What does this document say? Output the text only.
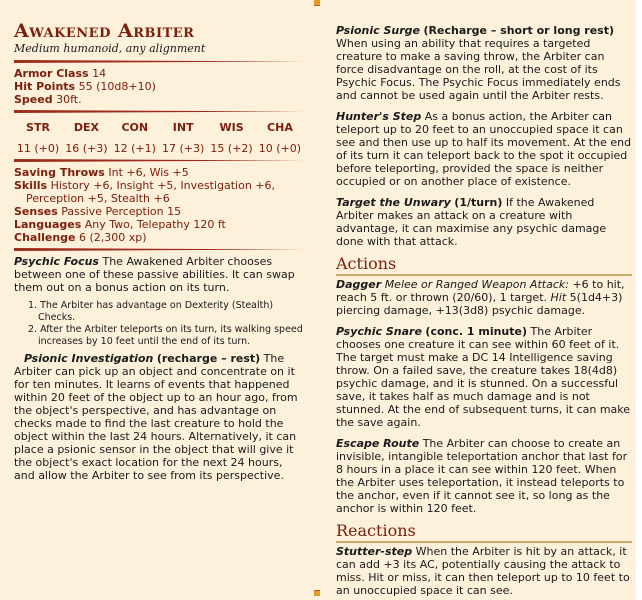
Awakened Arbiter
Medium humanoid, any alignment
Armor Class 14
Hit Points 55 (10d8+10)
Speed 30ft.
STR
11 (+0)
DEX
16 (+3)
CON
12 (+1)
INT
17 (+3)
WIS
15 (+2)
CHA
10 (+0)
Saving Throws Int +6, Wis +5
Skills History +6, Insight +5, Investigation +6,
Perception +5, Stealth +6
Senses Passive Perception 15
Languages Any Two, Telepathy 120 ft
Challenge 6 (2,300 xp)

Psychic Focus The Awakened Arbiter chooses between one of these passive abilities. It can swap them out on a bonus action on its turn.

1. The Arbiter has advantage on Dexterity (Stealth) Checks.
2. After the Arbiter teleports on its turn, its walking speed increases by 10 feet until the end of its turn.

Psionic Investigation (recharge – rest) The Arbiter can pick up an object and concentrate on it for ten minutes. It learns of events that happened within 20 feet of the object up to an hour ago, from the object's perspective, and has advantage on checks made to find the last creature to hold the object within the last 24 hours. Alternatively, it can place a psionic sensor in the object that will give it the object's exact location for the next 24 hours, and allow the Arbiter to see from its perspective.

Psionic Surge (Recharge – short or long rest) When using an ability that requires a targeted creature to make a saving throw, the Arbiter can force disadvantage on the roll, at the cost of its Psychic Focus. The Psychic Focus immediately ends and cannot be used again until the Arbiter rests.

Hunter's Step As a bonus action, the Arbiter can teleport up to 20 feet to an unoccupied space it can see and then use up to half its movement. At the end of its turn it can teleport back to the spot it occupied before teleporting, provided the space is neither occupied or on another place of existence.

Target the Unwary (1/turn) If the Awakened Arbiter makes an attack on a creature with advantage, it can maximise any psychic damage done with that attack.

Actions

Dagger Melee or Ranged Weapon Attack: +6 to hit, reach 5 ft. or thrown (20/60), 1 target. Hit 5(1d4+3) piercing damage, +13(3d8) psychic damage.

Psychic Snare (conc. 1 minute) The Arbiter chooses one creature it can see within 60 feet of it. The target must make a DC 14 Intelligence saving throw. On a failed save, the creature takes 18(4d8) psychic damage, and it is stunned. On a successful save, it takes half as much damage and is not stunned. At the end of subsequent turns, it can make the save again.

Escape Route The Arbiter can choose to create an invisible, intangible teleportation anchor that last for 8 hours in a place it can see within 120 feet. When the Arbiter uses teleportation, it instead teleports to the anchor, even if it cannot see it, so long as the anchor is within 120 feet.

Reactions

Stutter-step When the Arbiter is hit by an attack, it can add +3 its AC, potentially causing the attack to miss. Hit or miss, it can then teleport up to 10 feet to an unoccupied space it can see.
